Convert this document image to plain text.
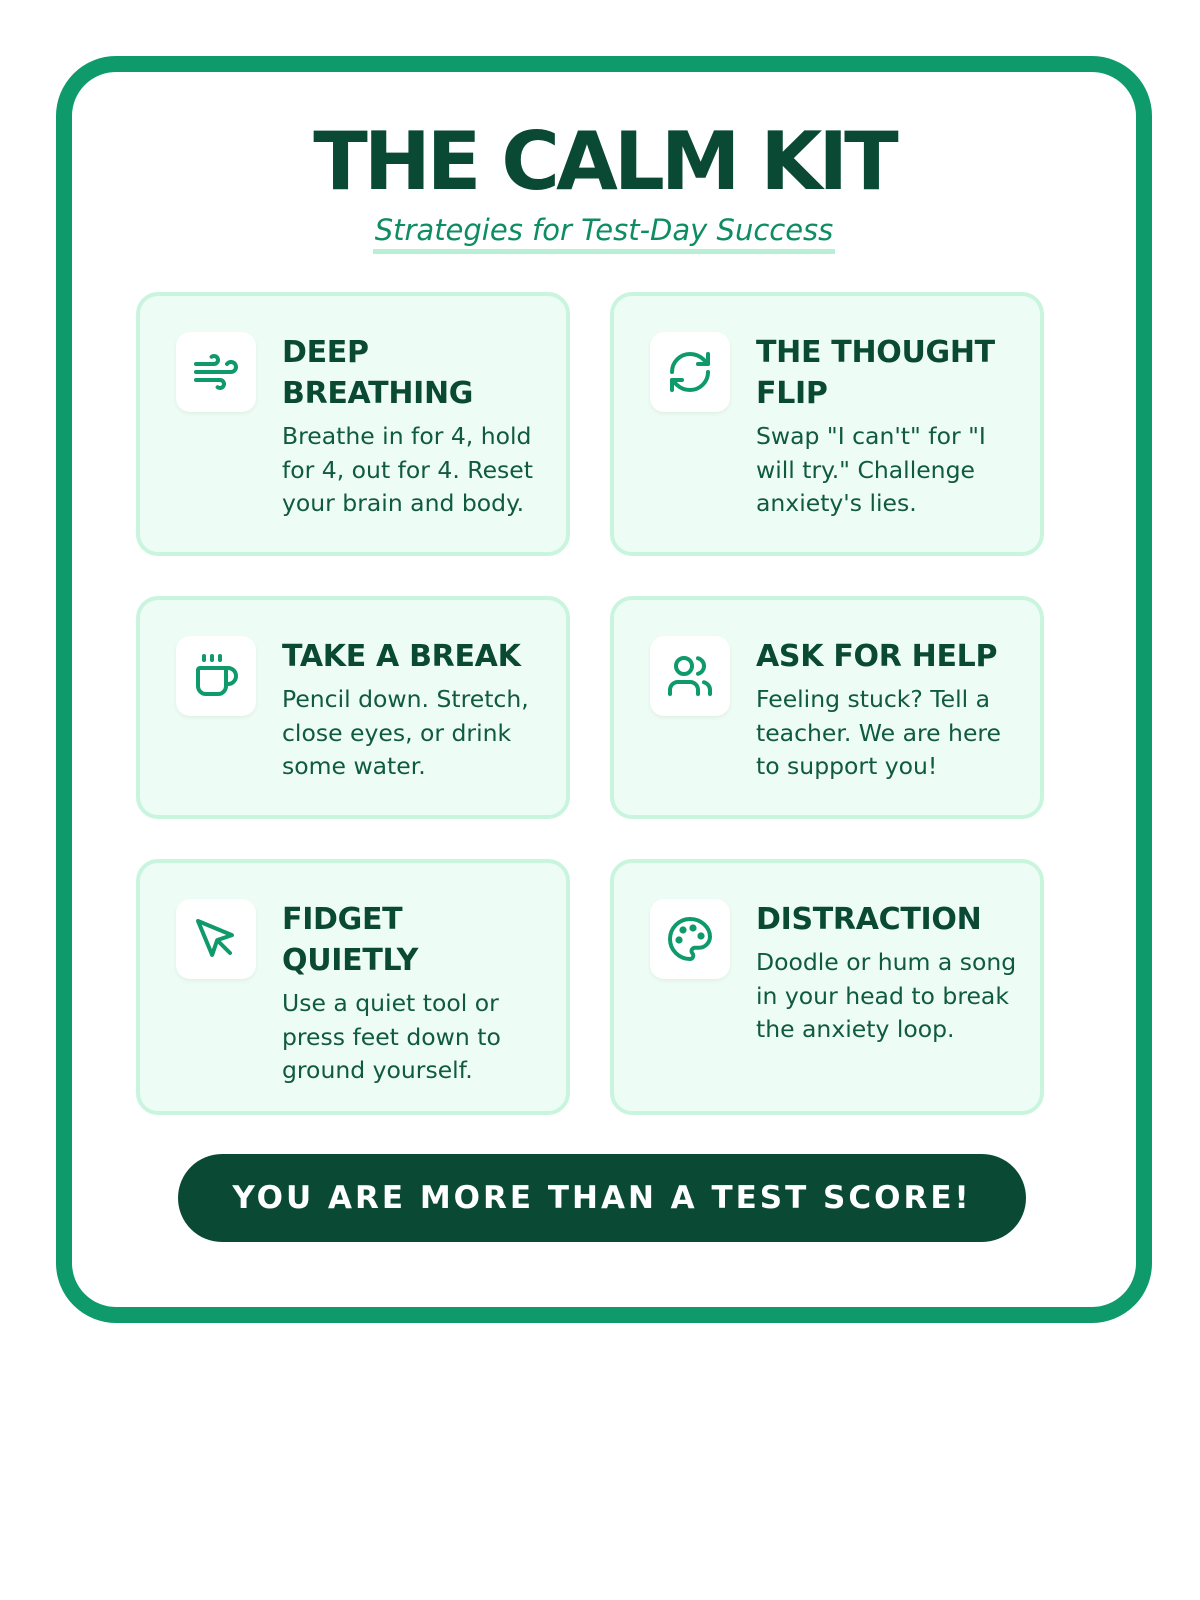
THE CALM KIT
Strategies for Test-Day Success

DEEP BREATHING

Breathe in for 4, hold for 4, out for 4. Reset your brain and body.

THE THOUGHT FLIP

Swap "I can't" for "I will try." Challenge anxiety's lies.

TAKE A BREAK

Pencil down. Stretch, close eyes, or drink some water.

ASK FOR HELP

Feeling stuck? Tell a teacher. We are here to support you!

FIDGET QUIETLY

Use a quiet tool or press feet down to ground yourself.

DISTRACTION

Doodle or hum a song in your head to break the anxiety loop.

YOU ARE MORE THAN A TEST SCORE!
